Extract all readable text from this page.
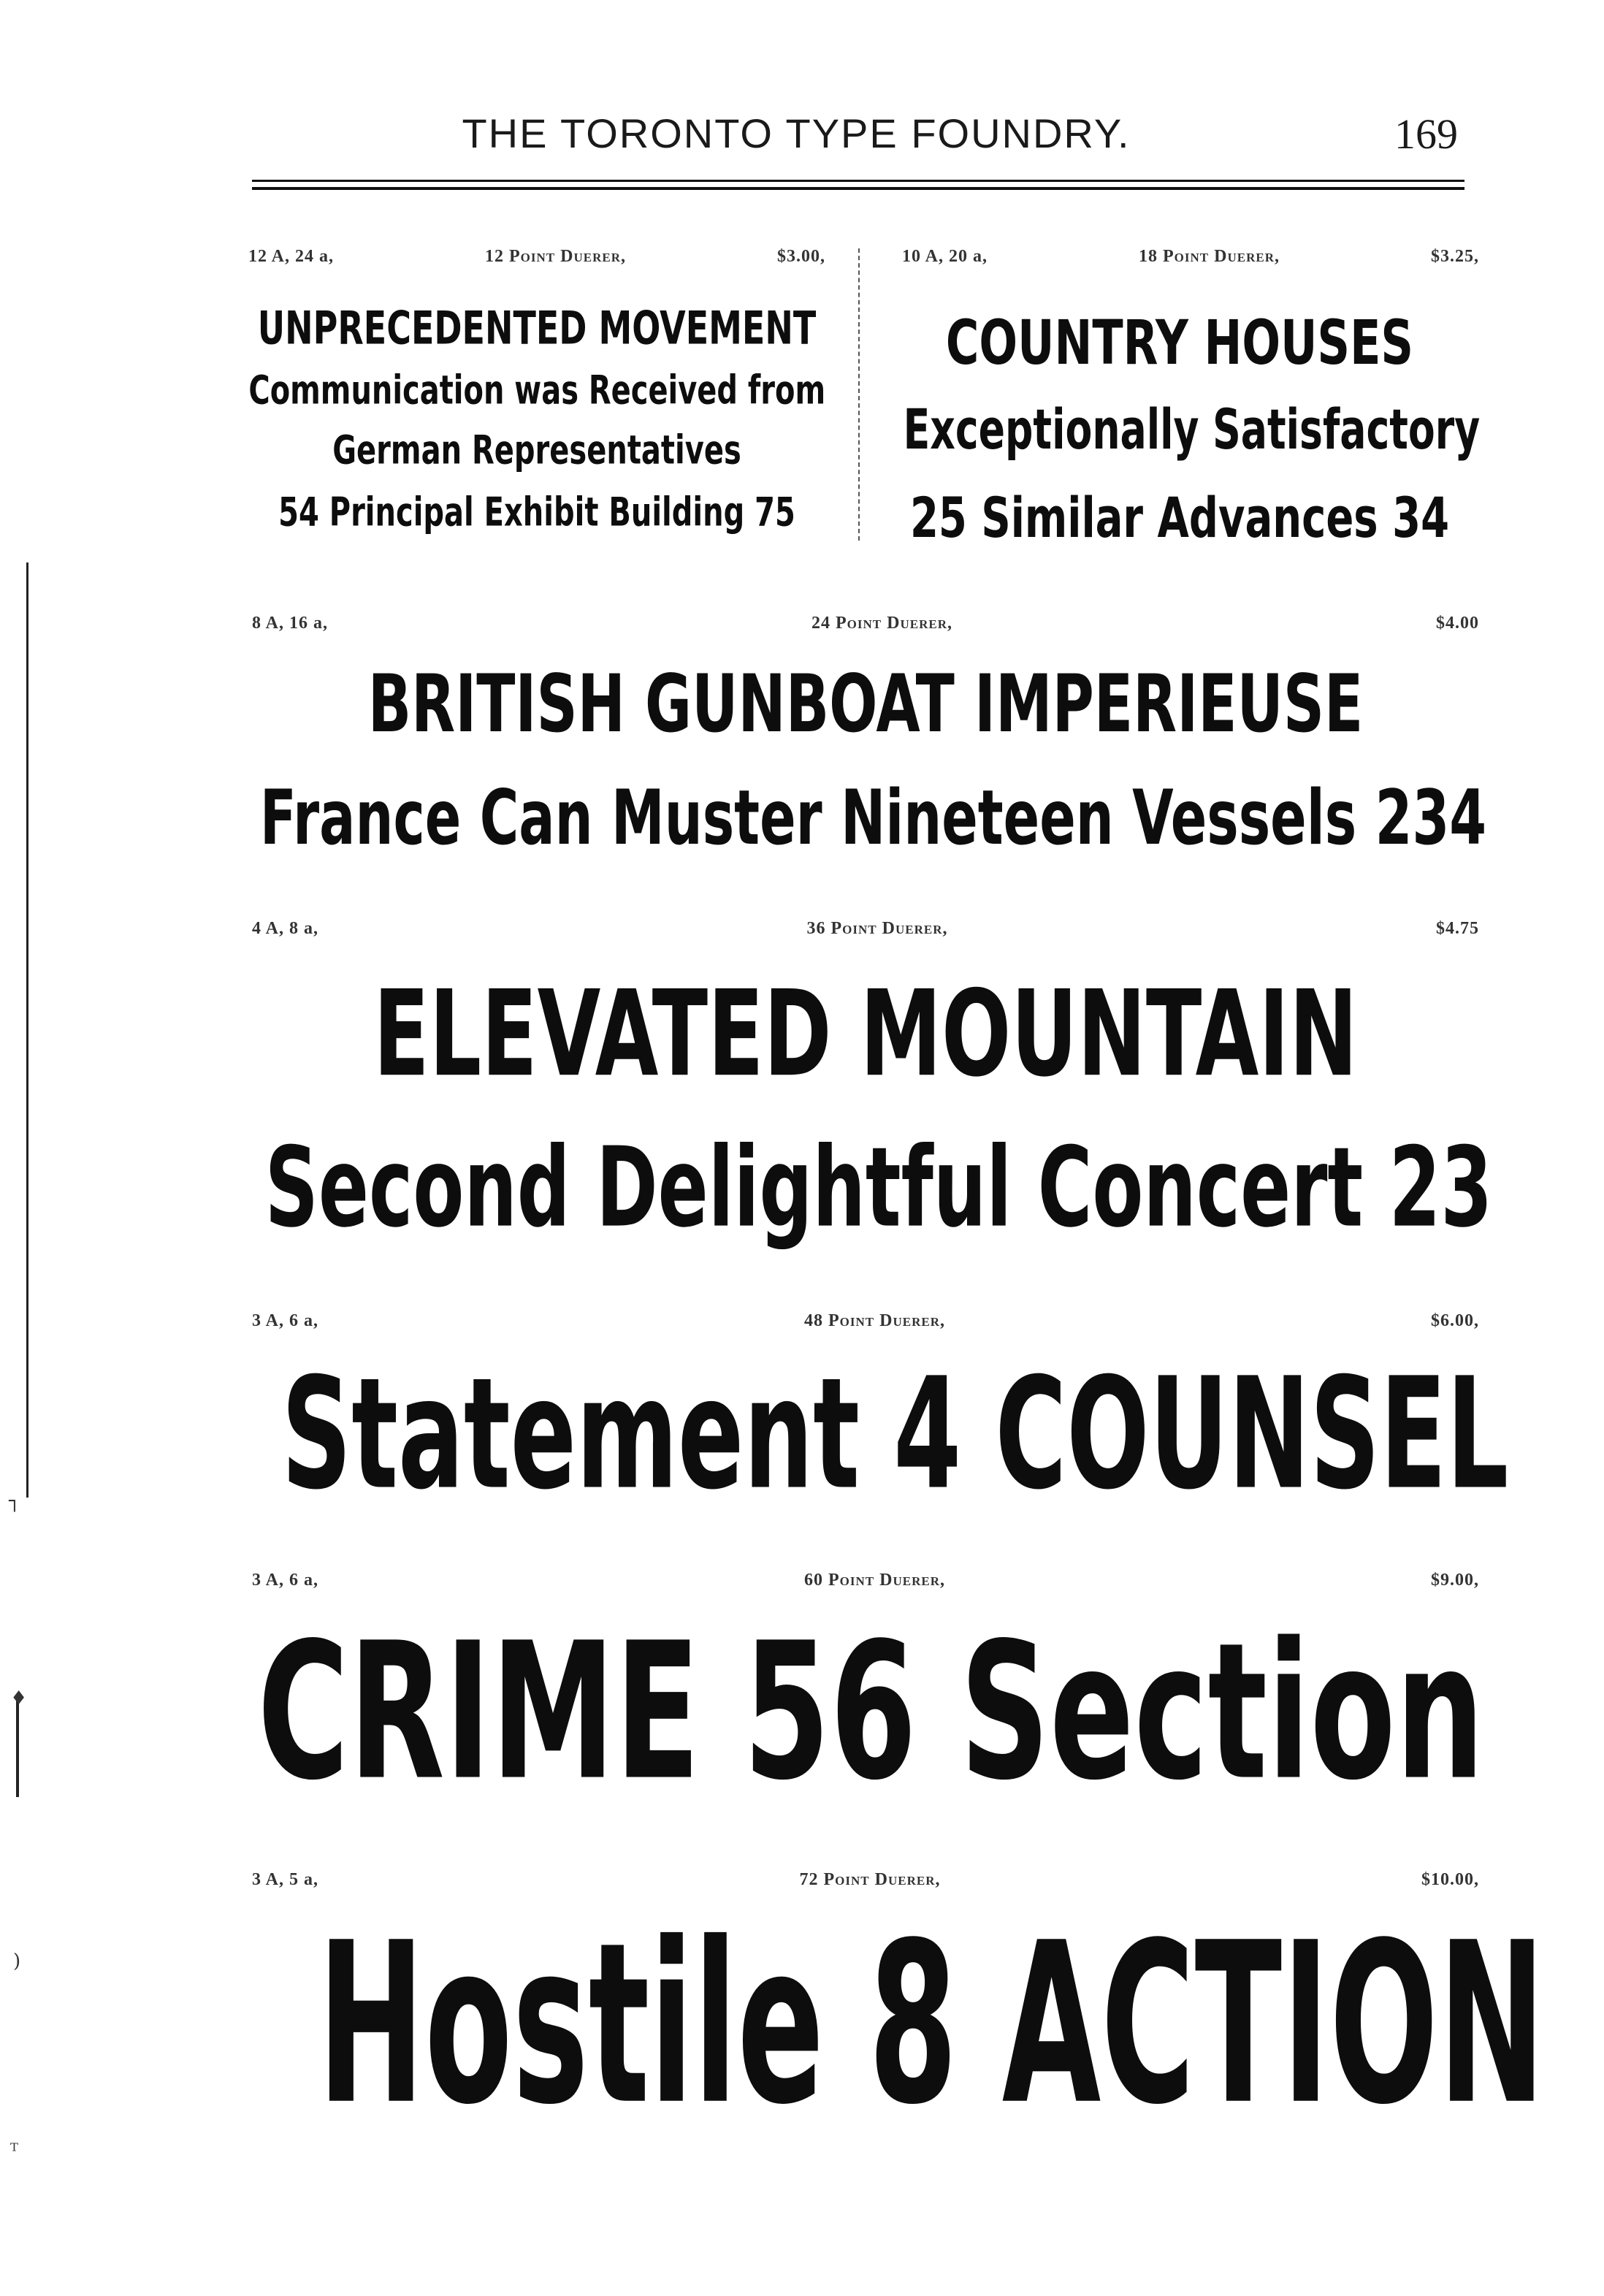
THE TORONTO TYPE FOUNDRY.	169
12 A, 24 a,	12 Point Duerer,	$3.00,
UNPRECEDENTED MOVEMENT
Communication was Received from
German Representatives
54 Principal Exhibit Building 75
10 A, 20 a,	18 Point Duerer,	$3.25,
COUNTRY HOUSES
Exceptionally Satisfactory
25 Similar Advances 34
8 A, 16 a,	24 Point Duerer,	$4.00
BRITISH GUNBOAT IMPERIEUSE
France Can Muster Nineteen Vessels 234
4 A, 8 a,	36 Point Duerer,	$4.75
ELEVATED MOUNTAIN
Second Delightful Concert 23
3 A, 6 a,	48 Point Duerer,	$6.00,
Statement 4 COUNSEL
3 A, 6 a,	60 Point Duerer,	$9.00,
CRIME 56 Section
3 A, 5 a,	72 Point Duerer,	$10.00,
Hostile 8 ACTION
┐
♦
)
ᵀ
